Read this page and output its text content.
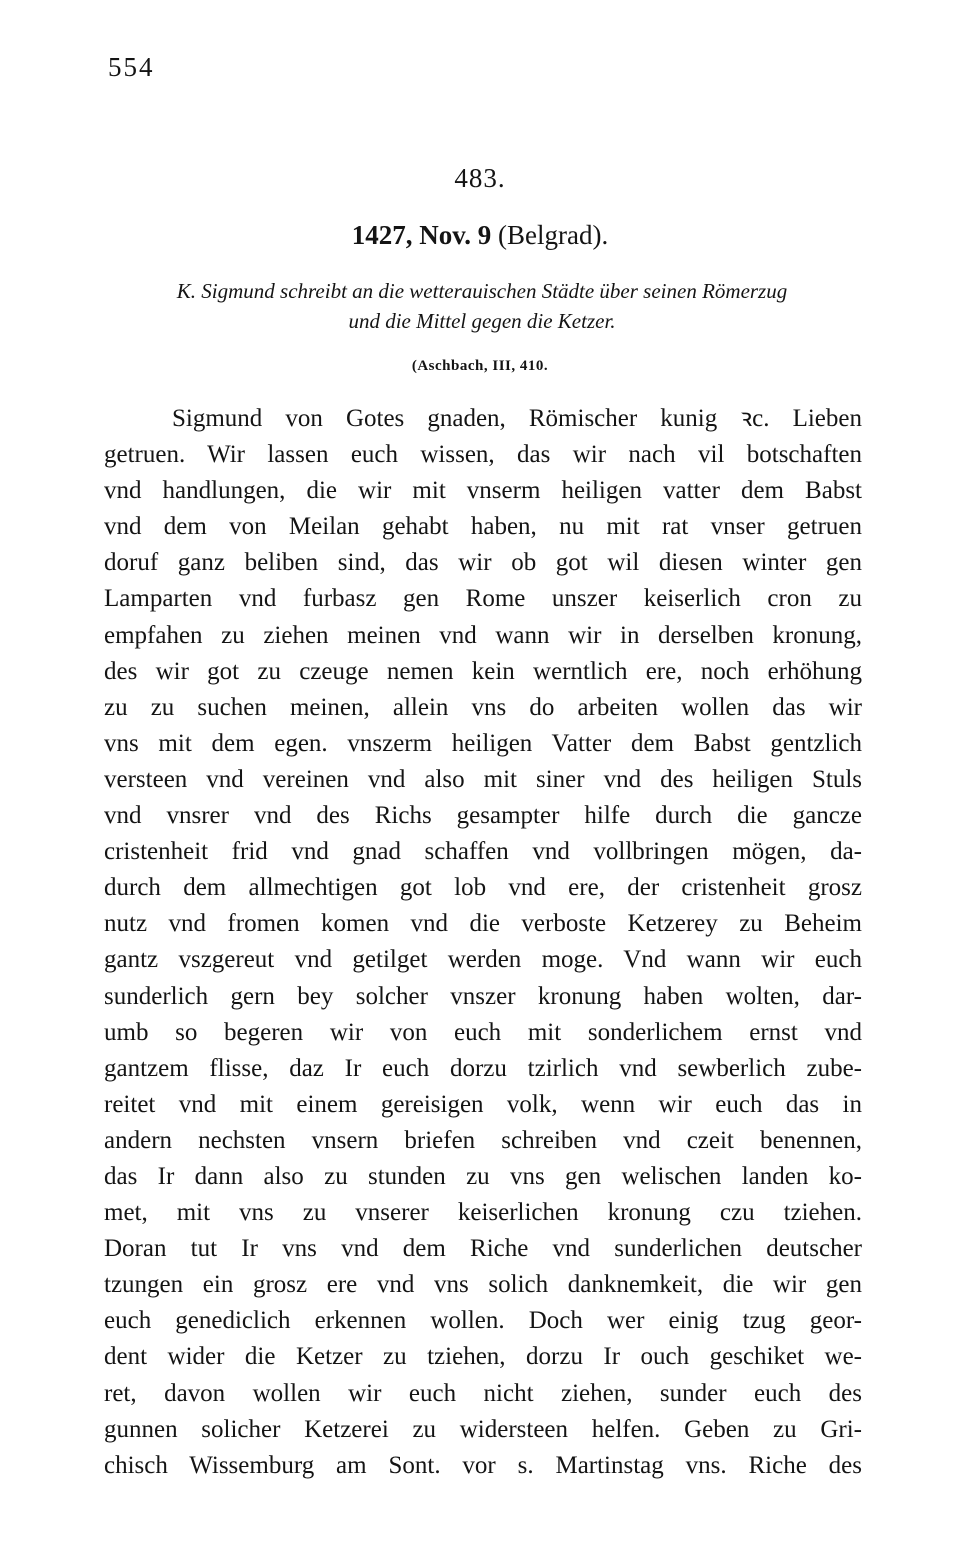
554
483.
1427, Nov. 9 (Belgrad).
K. Sigmund schreibt an die wetterauischen Städte über seinen Römerzug
und die Mittel gegen die Ketzer.
(Aschbach, III, 410.
Sigmund von Gotes gnaden, Römischer kunig ꝛc. Lieben
getruen. Wir lassen euch wissen, das wir nach vil botschaften
vnd handlungen, die wir mit vnserm heiligen vatter dem Babst
vnd dem von Meilan gehabt haben, nu mit rat vnser getruen
doruf ganz beliben sind, das wir ob got wil diesen winter gen
Lamparten vnd furbasz gen Rome unszer keiserlich cron zu
empfahen zu ziehen meinen vnd wann wir in derselben kronung,
des wir got zu czeuge nemen kein werntlich ere, noch erhöhung
zu zu suchen meinen, allein vns do arbeiten wollen das wir
vns mit dem egen. vnszerm heiligen Vatter dem Babst gentzlich
versteen vnd vereinen vnd also mit siner vnd des heiligen Stuls
vnd vnsrer vnd des Richs gesampter hilfe durch die gancze
cristenheit frid vnd gnad schaffen vnd vollbringen mögen, da-
durch dem allmechtigen got lob vnd ere, der cristenheit grosz
nutz vnd fromen komen vnd die verboste Ketzerey zu Beheim
gantz vszgereut vnd getilget werden moge. Vnd wann wir euch
sunderlich gern bey solcher vnszer kronung haben wolten, dar-
umb so begeren wir von euch mit sonderlichem ernst vnd
gantzem flisse, daz Ir euch dorzu tzirlich vnd sewberlich zube-
reitet vnd mit einem gereisigen volk, wenn wir euch das in
andern nechsten vnsern briefen schreiben vnd czeit benennen,
das Ir dann also zu stunden zu vns gen welischen landen ko-
met, mit vns zu vnserer keiserlichen kronung czu tziehen.
Doran tut Ir vns vnd dem Riche vnd sunderlichen deutscher
tzungen ein grosz ere vnd vns solich danknemkeit, die wir gen
euch genediclich erkennen wollen. Doch wer einig tzug geor-
dent wider die Ketzer zu tziehen, dorzu Ir ouch geschiket we-
ret, davon wollen wir euch nicht ziehen, sunder euch des
gunnen solicher Ketzerei zu widersteen helfen. Geben zu Gri-
chisch Wissemburg am Sont. vor s. Martinstag vns. Riche des
